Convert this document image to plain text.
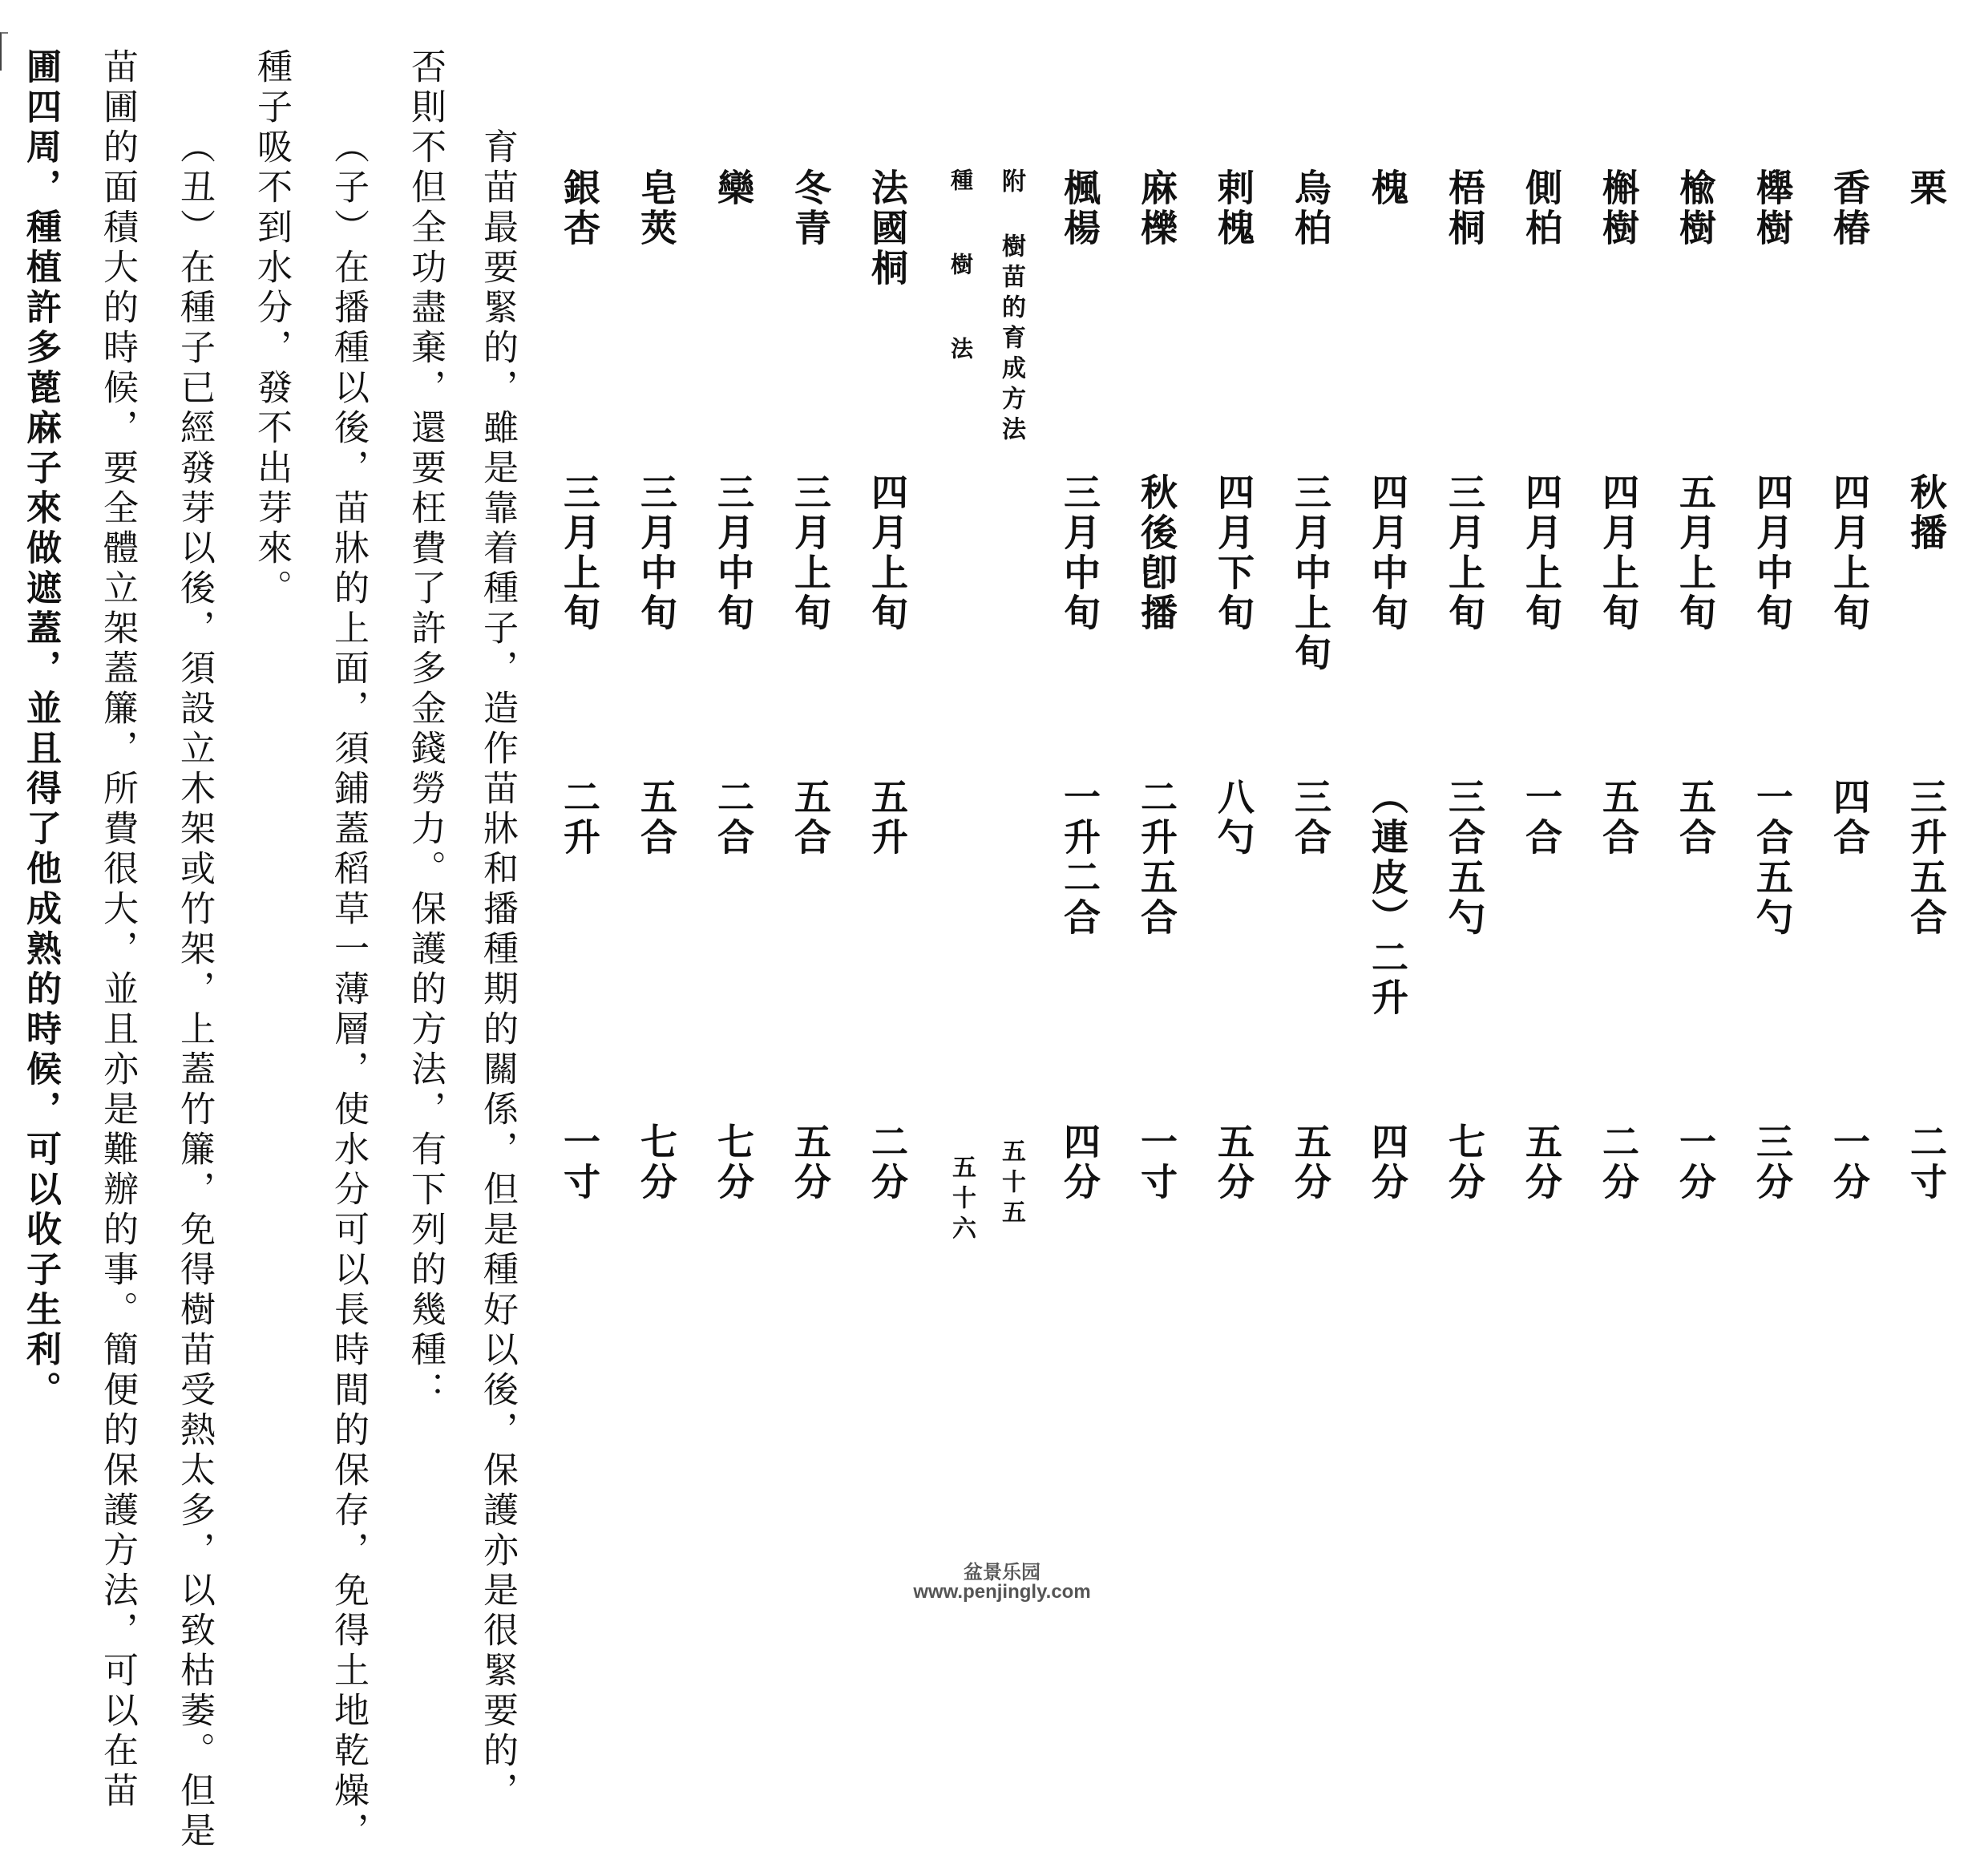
栗
秋播
三升五合
二寸
香椿
四月上旬
四合
一分
櫸樹
四月中旬
一合五勺
三分
楡樹
五月上旬
五合
一分
槲樹
四月上旬
五合
二分
側柏
四月上旬
一合
五分
梧桐
三月上旬
三合五勺
七分
槐
四月中旬
（連皮）二升
四分
烏柏
三月中上旬
三合
五分
剌槐
四月下旬
八勺
五分
麻櫟
秋後卽播
二升五合
一寸
楓楊
三月中旬
一升二合
四分
法國桐
四月上旬
五升
二分
冬青
三月上旬
五合
五分
欒
三月中旬
二合
七分
皂莢
三月中旬
五合
七分
銀杏
三月上旬
二升
一寸
附 樹苗的育成方法
種 樹 法
五十五
五十六
育苗最要緊的，雖是靠着種子，造作苗牀和播種期的關係，但是種好以後，保護亦是很緊要的，
否則不但全功盡棄，還要枉費了許多金錢勞力。保護的方法，有下列的幾種：
（子）在播種以後，苗牀的上面，須鋪蓋稻草一薄層，使水分可以長時間的保存，免得土地乾燥，
種子吸不到水分，發不出芽來。
（丑）在種子已經發芽以後，須設立木架或竹架，上蓋竹簾，免得樹苗受熱太多，以致枯萎。但是
苗圃的面積大的時候，要全體立架蓋簾，所費很大，並且亦是難辦的事。簡便的保護方法，可以在苗
圃四周，種植許多蓖麻子來做遮蓋，並且得了他成熟的時候，可以收子生利。
盆景乐园www.penjingly.com
